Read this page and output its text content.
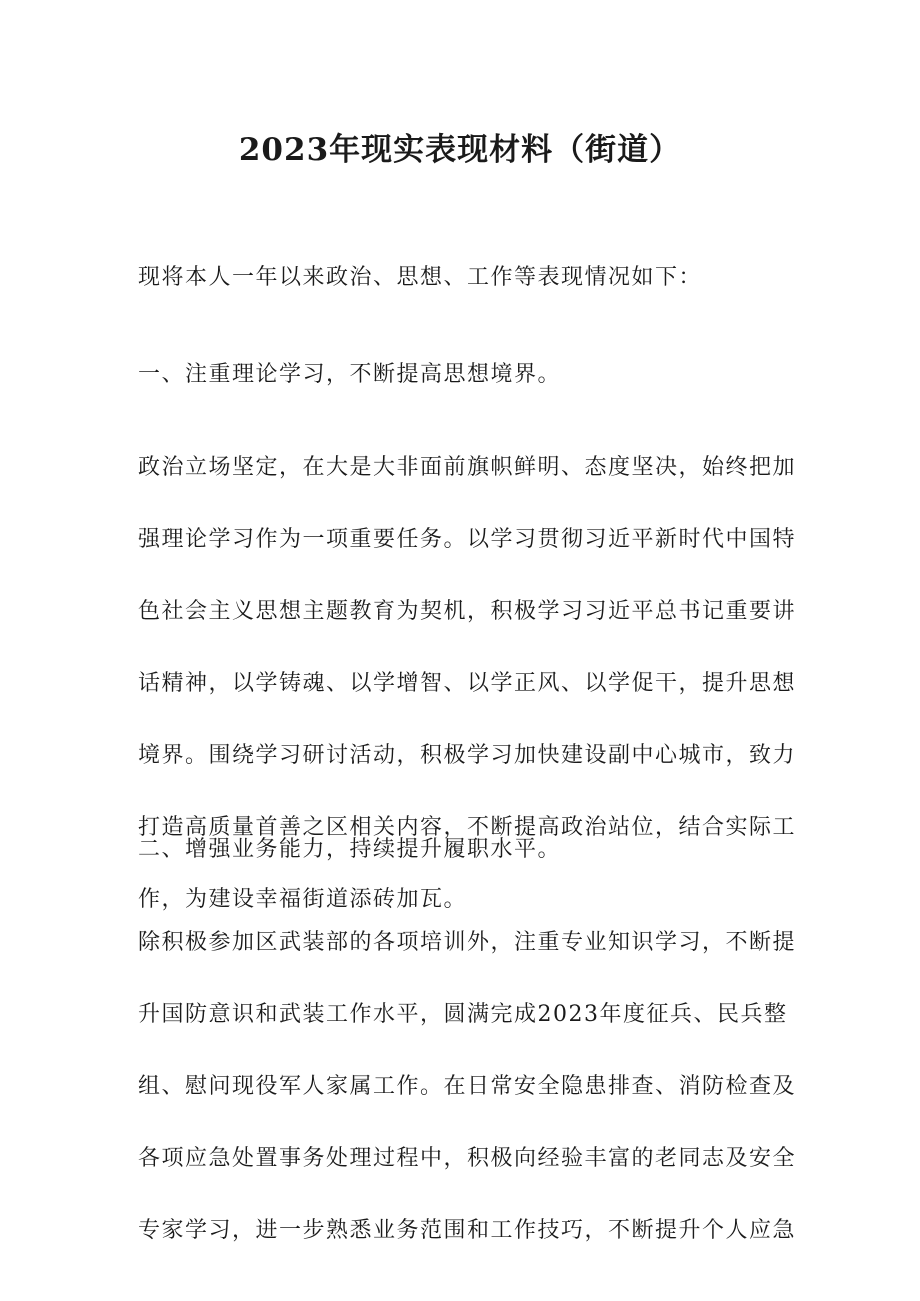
2023年现实表现材料（街道）

现将本人一年以来政治、思想、工作等表现情况如下：

一、注重理论学习，不断提高思想境界。

政治立场坚定，在大是大非面前旗帜鲜明、态度坚决，始终把加
强理论学习作为一项重要任务。以学习贯彻习近平新时代中国特
色社会主义思想主题教育为契机，积极学习习近平总书记重要讲
话精神，以学铸魂、以学增智、以学正风、以学促干，提升思想
境界。围绕学习研讨活动，积极学习加快建设副中心城市，致力
打造高质量首善之区相关内容，不断提高政治站位，结合实际工
作，为建设幸福街道添砖加瓦。

二、增强业务能力，持续提升履职水平。

除积极参加区武装部的各项培训外，注重专业知识学习，不断提
升国防意识和武装工作水平，圆满完成2023年度征兵、民兵整
组、慰问现役军人家属工作。在日常安全隐患排查、消防检查及
各项应急处置事务处理过程中，积极向经验丰富的老同志及安全
专家学习，进一步熟悉业务范围和工作技巧，不断提升个人应急
